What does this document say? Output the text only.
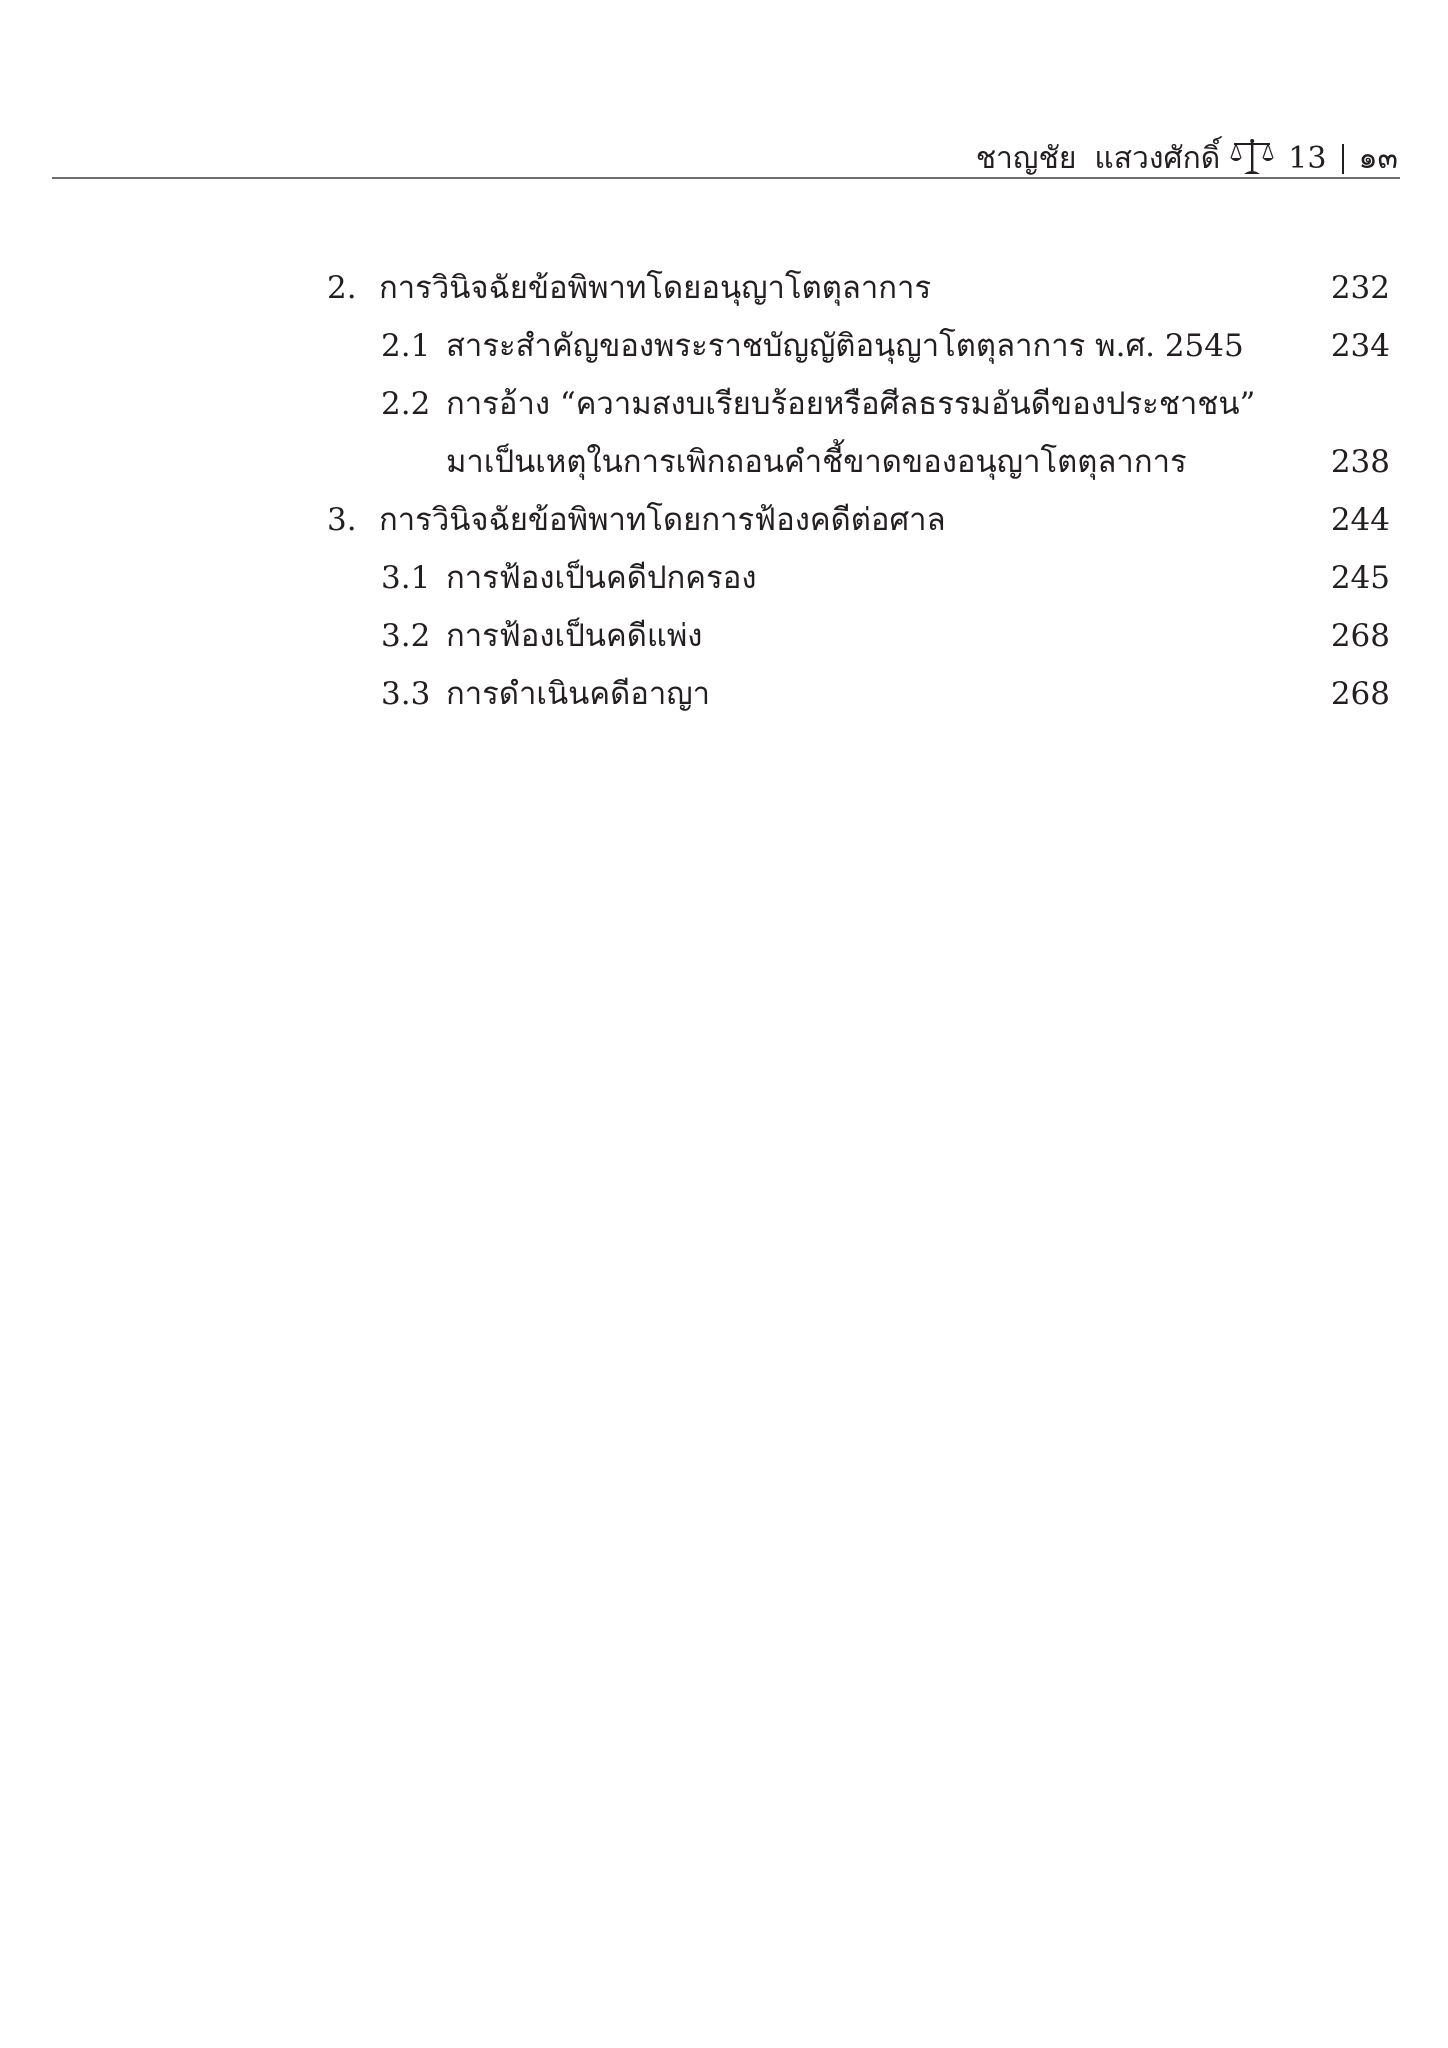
ชาญชัย แสวงศักดิ์ 13 ๑๓
2. การวินิจฉัยข้อพิพาทโดยอนุญาโตตุลาการ	232
2.1 สาระสำคัญของพระราชบัญญัติอนุญาโตตุลาการ พ.ศ. 2545	234
2.2 การอ้าง “ความสงบเรียบร้อยหรือศีลธรรมอันดีของประชาชน”
มาเป็นเหตุในการเพิกถอนคำชี้ขาดของอนุญาโตตุลาการ	238
3. การวินิจฉัยข้อพิพาทโดยการฟ้องคดีต่อศาล	244
3.1 การฟ้องเป็นคดีปกครอง	245
3.2 การฟ้องเป็นคดีแพ่ง	268
3.3 การดำเนินคดีอาญา	268
